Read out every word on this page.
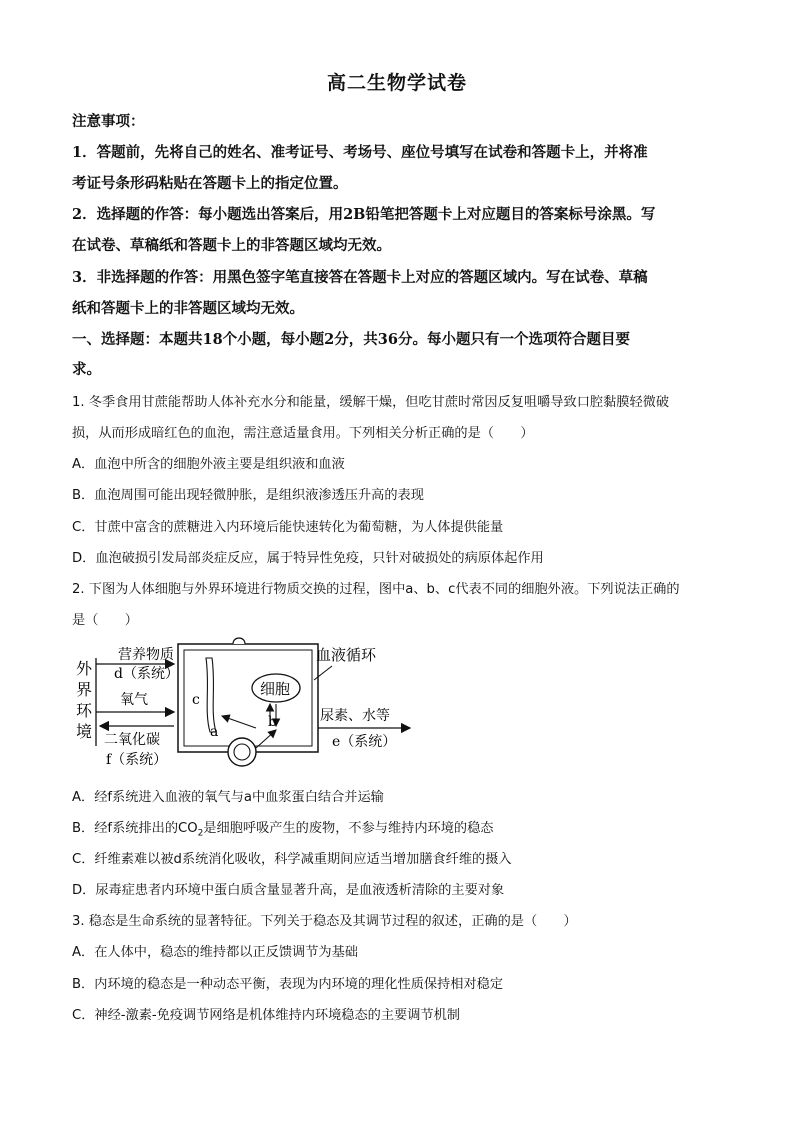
高二生物学试卷
注意事项：
1．答题前，先将自己的姓名、准考证号、考场号、座位号填写在试卷和答题卡上，并将准
考证号条形码粘贴在答题卡上的指定位置。
2．选择题的作答：每小题选出答案后，用2B铅笔把答题卡上对应题目的答案标号涂黑。写
在试卷、草稿纸和答题卡上的非答题区域均无效。
3．非选择题的作答：用黑色签字笔直接答在答题卡上对应的答题区域内。写在试卷、草稿
纸和答题卡上的非答题区域均无效。
一、选择题：本题共18个小题，每小题2分，共36分。每小题只有一个选项符合题目要
求。
1. 冬季食用甘蔗能帮助人体补充水分和能量，缓解干燥，但吃甘蔗时常因反复咀嚼导致口腔黏膜轻微破
损，从而形成暗红色的血泡，需注意适量食用。下列相关分析正确的是（　　）
A．血泡中所含的细胞外液主要是组织液和血液
B．血泡周围可能出现轻微肿胀，是组织液渗透压升高的表现
C．甘蔗中富含的蔗糖进入内环境后能快速转化为葡萄糖，为人体提供能量
D．血泡破损引发局部炎症反应，属于特异性免疫，只针对破损处的病原体起作用
2. 下图为人体细胞与外界环境进行物质交换的过程，图中a、b、c代表不同的细胞外液。下列说法正确的
是（　　）
外
界
环
境
营养物质
d（系统）
氧气
二氧化碳
f（系统）
c
细胞
b
a
血液循环
尿素、水等
e（系统）
A．经f系统进入血液的氧气与a中血浆蛋白结合并运输
B．经f系统排出的$CO_2$是细胞呼吸产生的废物，不参与维持内环境的稳态
C．纤维素难以被d系统消化吸收，科学减重期间应适当增加膳食纤维的摄入
D．尿毒症患者内环境中蛋白质含量显著升高，是血液透析清除的主要对象
3. 稳态是生命系统的显著特征。下列关于稳态及其调节过程的叙述，正确的是（　　）
A．在人体中，稳态的维持都以正反馈调节为基础
B．内环境的稳态是一种动态平衡，表现为内环境的理化性质保持相对稳定
C．神经-激素-免疫调节网络是机体维持内环境稳态的主要调节机制
